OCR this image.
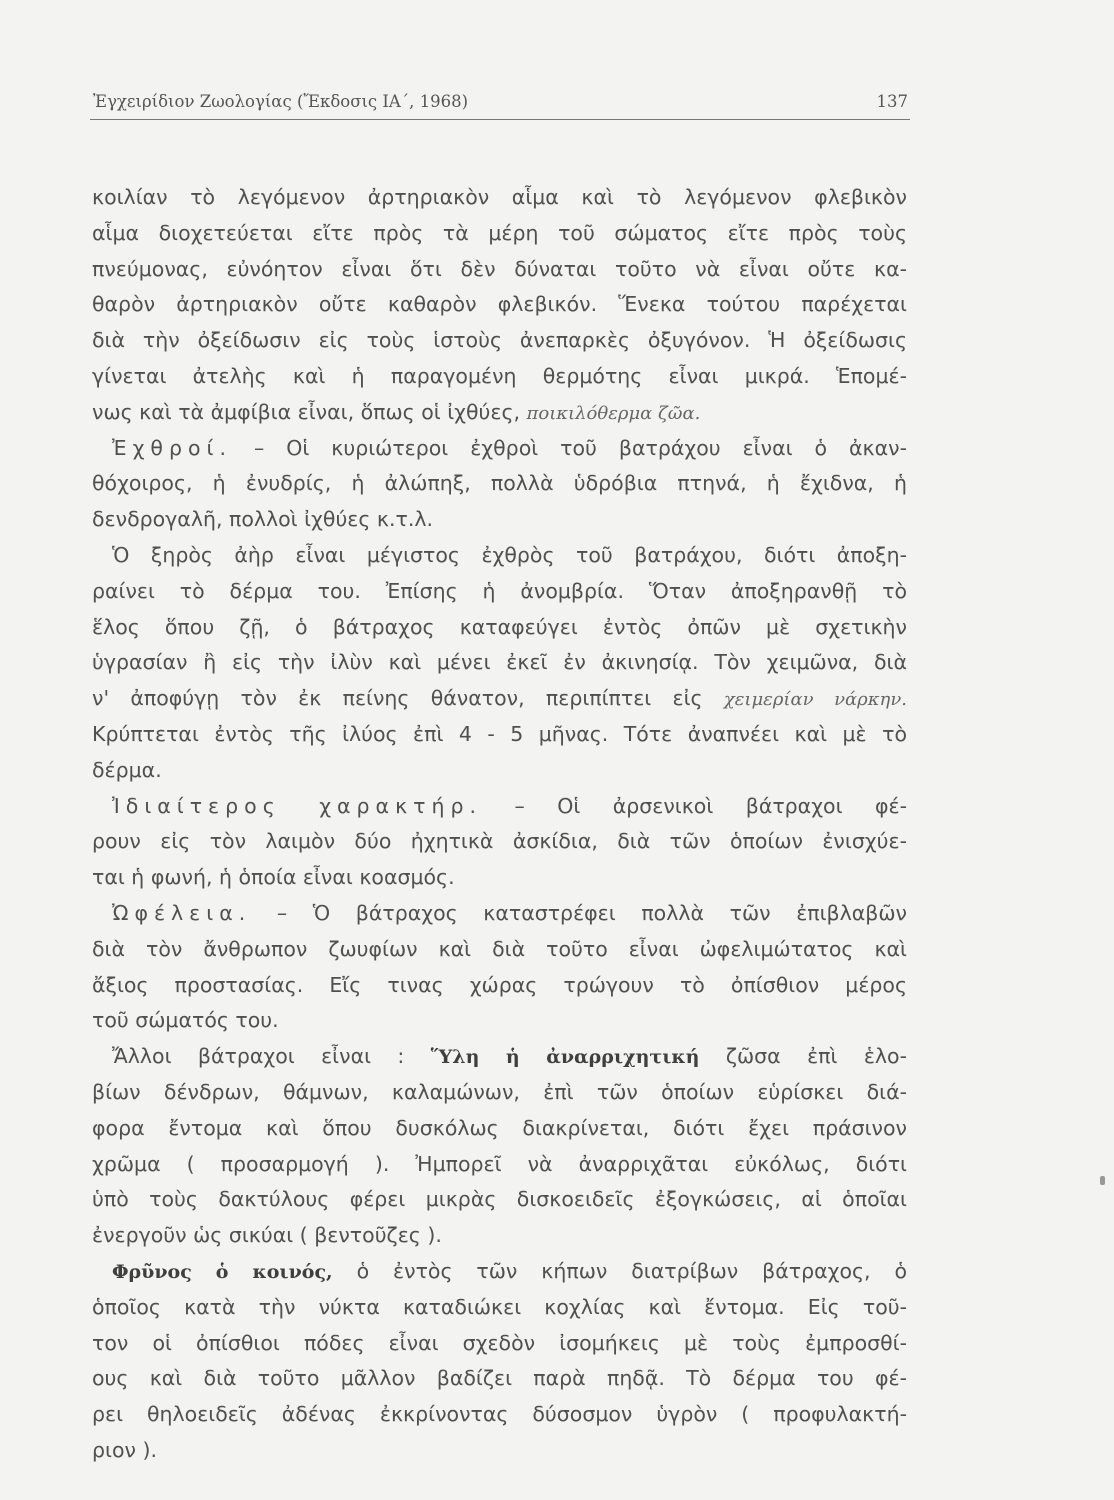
Ἐγχειρίδιον Ζωολογίας (Ἔκδοσις ΙΑ΄, 1968)	137
κοιλίαν τὸ λεγόμενον ἀρτηριακὸν αἷμα καὶ τὸ λεγόμενον φλεβικὸν
αἷμα διοχετεύεται εἴτε πρὸς τὰ μέρη τοῦ σώματος εἴτε πρὸς τοὺς
πνεύμονας, εὐνόητον εἶναι ὅτι δὲν δύναται τοῦτο νὰ εἶναι οὔτε κα-
θαρὸν ἀρτηριακὸν οὔτε καθαρὸν φλεβικόν. Ἕνεκα τούτου παρέχεται
διὰ τὴν ὀξείδωσιν εἰς τοὺς ἱστοὺς ἀνεπαρκὲς ὀξυγόνον. Ἡ ὀξείδωσις
γίνεται ἀτελὴς καὶ ἡ παραγομένη θερμότης εἶναι μικρά. Ἑπομέ-
νως καὶ τὰ ἀμφίβια εἶναι, ὅπως οἱ ἰχθύες, ποικιλόθερμα ζῶα.
Ἐχθροί. – Οἱ κυριώτεροι ἐχθροὶ τοῦ βατράχου εἶναι ὁ ἀκαν-
θόχοιρος, ἡ ἐνυδρίς, ἡ ἀλώπηξ, πολλὰ ὑδρόβια πτηνά, ἡ ἔχιδνα, ἡ
δενδρογαλῆ, πολλοὶ ἰχθύες κ.τ.λ.
Ὁ ξηρὸς ἀὴρ εἶναι μέγιστος ἐχθρὸς τοῦ βατράχου, διότι ἀποξη-
ραίνει τὸ δέρμα του. Ἐπίσης ἡ ἀνομβρία. Ὅταν ἀποξηρανθῇ τὸ
ἕλος ὅπου ζῇ, ὁ βάτραχος καταφεύγει ἐντὸς ὀπῶν μὲ σχετικὴν
ὑγρασίαν ἢ εἰς τὴν ἰλὺν καὶ μένει ἐκεῖ ἐν ἀκινησίᾳ. Τὸν χειμῶνα, διὰ
ν' ἀποφύγῃ τὸν ἐκ πείνης θάνατον, περιπίπτει εἰς χειμερίαν νάρκην.
Κρύπτεται ἐντὸς τῆς ἰλύος ἐπὶ 4 - 5 μῆνας. Τότε ἀναπνέει καὶ μὲ τὸ
δέρμα.
Ἰδιαίτερος χαρακτήρ. – Οἱ ἀρσενικοὶ βάτραχοι φέ-
ρουν εἰς τὸν λαιμὸν δύο ἠχητικὰ ἀσκίδια, διὰ τῶν ὁποίων ἐνισχύε-
ται ἡ φωνή, ἡ ὁποία εἶναι κοασμός.
Ὠφέλεια. – Ὁ βάτραχος καταστρέφει πολλὰ τῶν ἐπιβλαβῶν
διὰ τὸν ἄνθρωπον ζωυφίων καὶ διὰ τοῦτο εἶναι ὠφελιμώτατος καὶ
ἄξιος προστασίας. Εἴς τινας χώρας τρώγουν τὸ ὀπίσθιον μέρος
τοῦ σώματός του.
Ἄλλοι βάτραχοι εἶναι : Ὕλη ἡ ἀναρριχητική ζῶσα ἐπὶ ἑλο-
βίων δένδρων, θάμνων, καλαμώνων, ἐπὶ τῶν ὁποίων εὑρίσκει διά-
φορα ἔντομα καὶ ὅπου δυσκόλως διακρίνεται, διότι ἔχει πράσινον
χρῶμα ( προσαρμογή ). Ἠμπορεῖ νὰ ἀναρριχᾶται εὐκόλως, διότι
ὑπὸ τοὺς δακτύλους φέρει μικρὰς δισκοειδεῖς ἐξογκώσεις, αἱ ὁποῖαι
ἐνεργοῦν ὡς σικύαι ( βεντοῦζες ).
Φρῦνος ὁ κοινός, ὁ ἐντὸς τῶν κήπων διατρίβων βάτραχος, ὁ
ὁποῖος κατὰ τὴν νύκτα καταδιώκει κοχλίας καὶ ἔντομα. Εἰς τοῦ-
τον οἱ ὀπίσθιοι πόδες εἶναι σχεδὸν ἰσομήκεις μὲ τοὺς ἐμπροσθί-
ους καὶ διὰ τοῦτο μᾶλλον βαδίζει παρὰ πηδᾷ. Τὸ δέρμα του φέ-
ρει θηλοειδεῖς ἀδένας ἐκκρίνοντας δύσοσμον ὑγρὸν ( προφυλακτή-
ριον ).
